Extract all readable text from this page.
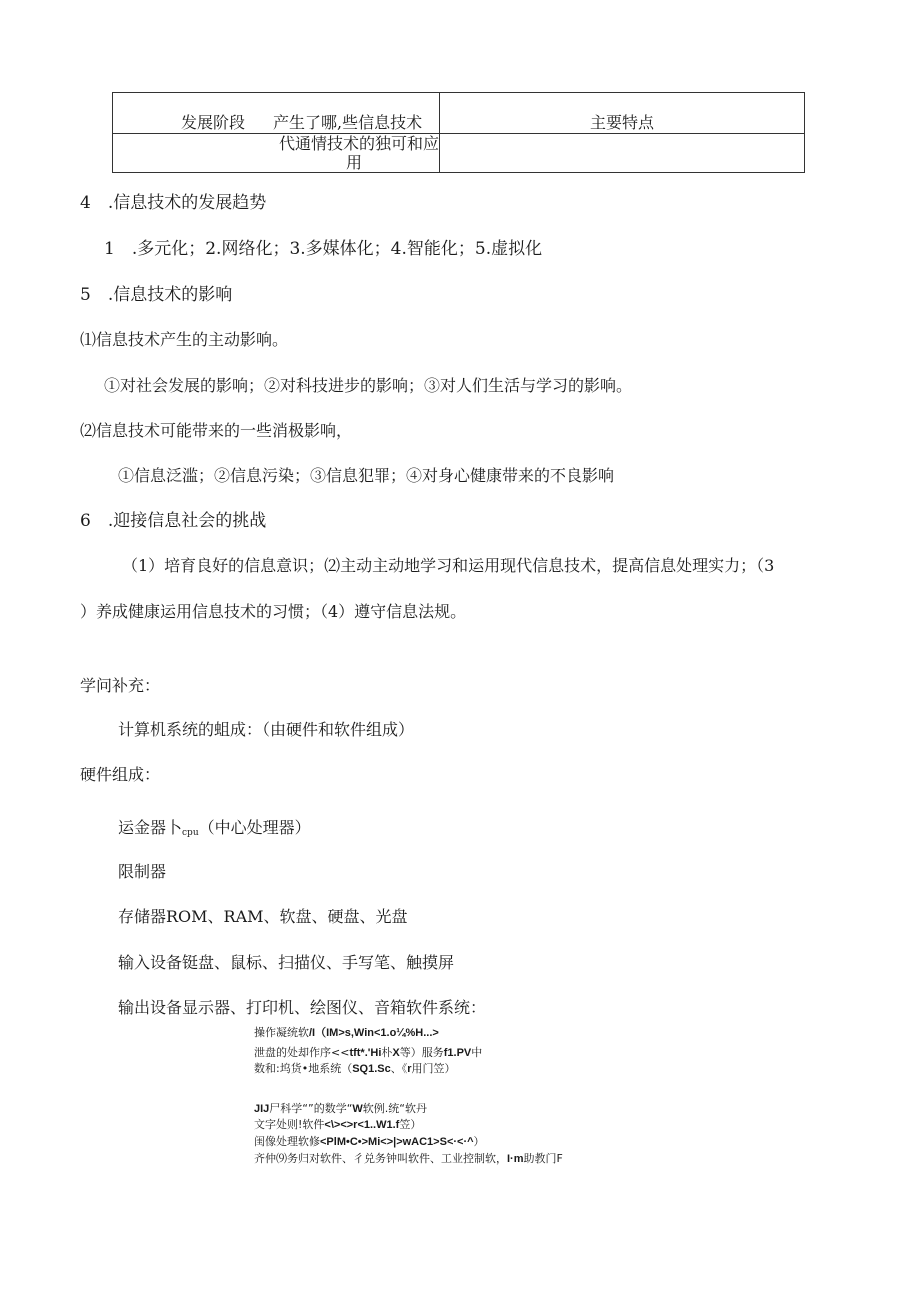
发展阶段 产生了哪,些信息技术	主要特点

代通情技术的独可和应
用	

4　.信息技术的发展趋势
1　.多元化；2.网络化；3.多媒体化；4.智能化；5.虚拟化
5　.信息技术的影响
⑴信息技术产生的主动影响。
①对社会发展的影响；②对科技进步的影响；③对人们生活与学习的影响。
⑵信息技术可能带来的一些消极影响，
①信息泛滥；②信息污染；③信息犯罪；④对身心健康带来的不良影响
6　.迎接信息社会的挑战
（1）培育良好的信息意识；⑵主动主动地学习和运用现代信息技术，提高信息处理实力；（3
）养成健康运用信息技术的习惯；（4）遵守信息法规。
学问补充：
计算机系统的蛆成：（由硬件和软件组成）
硬件组成：
运金器卜$_{cpu}$（中心处理器）
限制器
存储器ROM、RAM、软盘、硬盘、光盘
输入设备铤盘、鼠标、扫描仪、手写笔、触摸屏
输出设备显示器、打印机、绘图仪、音箱软件系统：
操作凝统软/I（IM>s,Win<1.o¼%H...>
泄盘的处却作序<<tft*.'Hi朴X等）服务f1.PV中
数和:坞货•地系统（SQ1.Sc、《r用门笠）
JIJ尸科学“”的数学“W软例.统“软丹
文字处则!软件<\><>r<1..W1.f笠）
闺像处理软修<PlM•C•>Mi<>|>wAC1>S<·<·^）
齐仲⑼务归对软件、彳兑务钟叫软件、工业控制软，I·m助教门F
